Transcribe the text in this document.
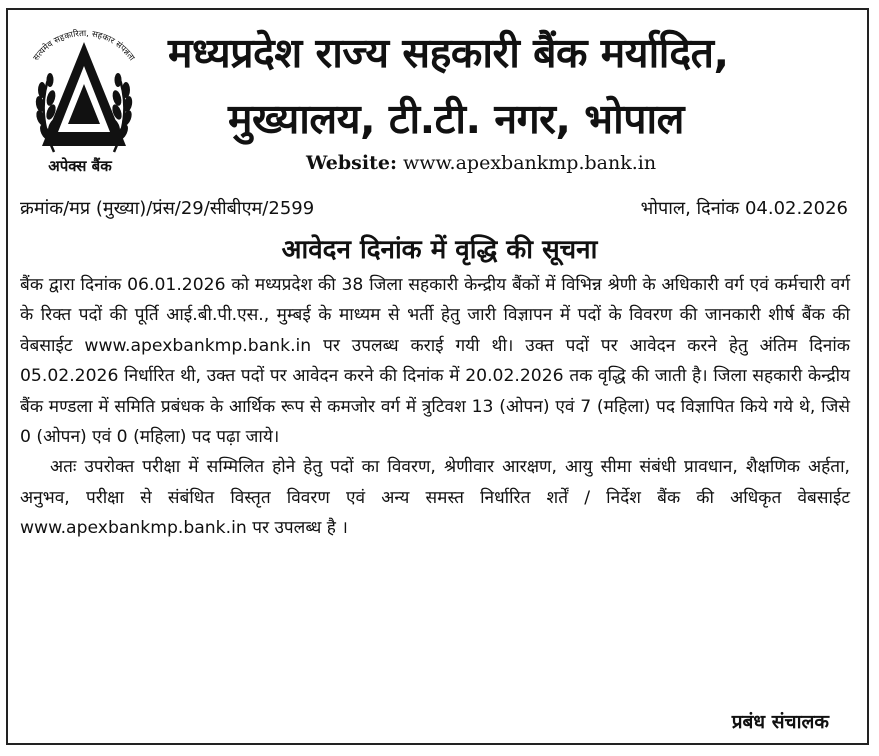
सत्यमेव सहकारिता, सहकार संपन्नता
अपेक्स बैंक
मध्यप्रदेश राज्य सहकारी बैंक मर्यादित,
मुख्यालय, टी.टी. नगर, भोपाल
Website: www.apexbankmp.bank.in
क्रमांक/मप्र (मुख्या)/प्रंस/29/सीबीएम/2599	भोपाल, दिनांक 04.02.2026
आवेदन दिनांक में वृद्धि की सूचना

बैंक द्वारा दिनांक 06.01.2026 को मध्यप्रदेश की 38 जिला सहकारी केन्द्रीय बैंकों में विभिन्न श्रेणी के अधिकारी वर्ग एवं कर्मचारी वर्ग के रिक्त पदों की पूर्ति आई.बी.पी.एस., मुम्बई के माध्यम से भर्ती हेतु जारी विज्ञापन में पदों के विवरण की जानकारी शीर्ष बैंक की वेबसाईट www.apexbankmp.bank.in पर उपलब्ध कराई गयी थी। उक्त पदों पर आवेदन करने हेतु अंतिम दिनांक 05.02.2026 निर्धारित थी, उक्त पदों पर आवेदन करने की दिनांक में 20.02.2026 तक वृद्धि की जाती है। जिला सहकारी केन्द्रीय बैंक मण्डला में समिति प्रबंधक के आर्थिक रूप से कमजोर वर्ग में त्रुटिवश 13 (ओपन) एवं 7 (महिला) पद विज्ञापित किये गये थे, जिसे 0 (ओपन) एवं 0 (महिला) पद पढ़ा जाये।

अतः उपरोक्त परीक्षा में सम्मिलित होने हेतु पदों का विवरण, श्रेणीवार आरक्षण, आयु सीमा संबंधी प्रावधान, शैक्षणिक अर्हता, अनुभव, परीक्षा से संबंधित विस्तृत विवरण एवं अन्य समस्त निर्धारित शर्तें / निर्देश बैंक की अधिकृत वेबसाईट www.apexbankmp.bank.in पर उपलब्ध है ।

प्रबंध संचालक
